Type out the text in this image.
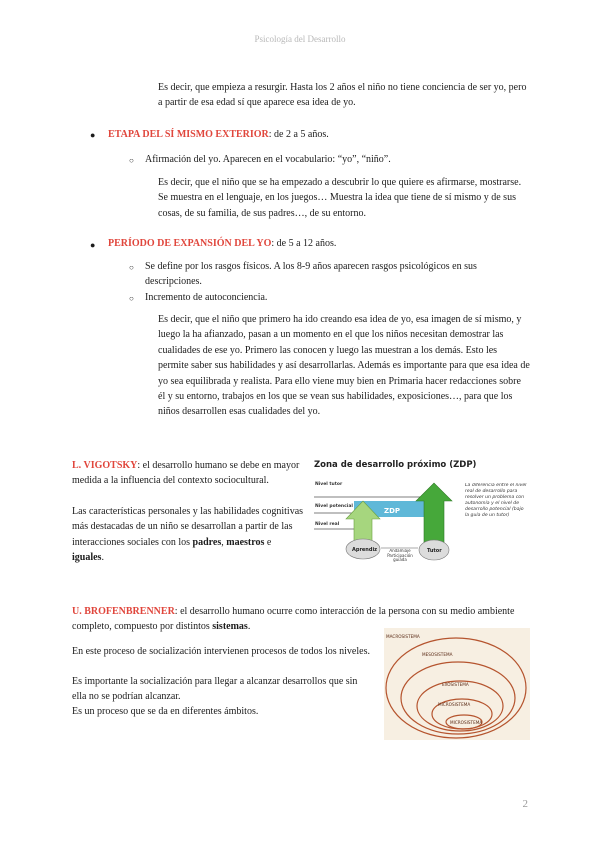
Psicología del Desarrollo
Es decir, que empieza a resurgir. Hasta los 2 años el niño no tiene conciencia de ser yo, pero a partir de esa edad sí que aparece esa idea de yo.
● ETAPA DEL SÍ MISMO EXTERIOR: de 2 a 5 años.
○ Afirmación del yo. Aparecen en el vocabulario: “yo”, “niño”.
Es decir, que el niño que se ha empezado a descubrir lo que quiere es afirmarse, mostrarse. Se muestra en el lenguaje, en los juegos… Muestra la idea que tiene de sí mismo y de sus cosas, de su familia, de sus padres…, de su entorno.
● PERÍODO DE EXPANSIÓN DEL YO: de 5 a 12 años.
○ Se define por los rasgos físicos. A los 8-9 años aparecen rasgos psicológicos en sus descripciones.
○ Incremento de autoconciencia.
Es decir, que el niño que primero ha ido creando esa idea de yo, esa imagen de sí mismo, y luego la ha afianzado, pasan a un momento en el que los niños necesitan demostrar las cualidades de ese yo. Primero las conocen y luego las muestran a los demás. Esto les permite saber sus habilidades y así desarrollarlas. Además es importante para que esa idea de yo sea equilibrada y realista. Para ello viene muy bien en Primaria hacer redacciones sobre él y su entorno, trabajos en los que se vean sus habilidades, exposiciones…, para que los niños desarrollen esas cualidades del yo.
L. VIGOTSKY: el desarrollo humano se debe en mayor medida a la influencia del contexto sociocultural.
Las características personales y las habilidades cognitivas más destacadas de un niño se desarrollan a partir de las interacciones sociales con los padres, maestros e iguales.
Zona de desarrollo próximo (ZDP)
Nivel tutor
Nivel potencial
Nivel real
ZDP
Aprendiz	Tutor
Andamiaje Participación guiada
La diferencia entre el nivel real de desarrollo para resolver un problema con autonomía y el nivel de desarrollo potencial (bajo la guía de un tutor)
U. BROFENBRENNER: el desarrollo humano ocurre como interacción de la persona con su medio ambiente completo, compuesto por distintos sistemas.
En este proceso de socialización intervienen procesos de todos los niveles.
Es importante la socialización para llegar a alcanzar desarrollos que sin ella no se podrían alcanzar.
Es un proceso que se da en diferentes ámbitos.
MACROSISTEMA
MESOSISTEMA
EXOSISTEMA
MICROSISTEMA
MICROSISTEMA
2
